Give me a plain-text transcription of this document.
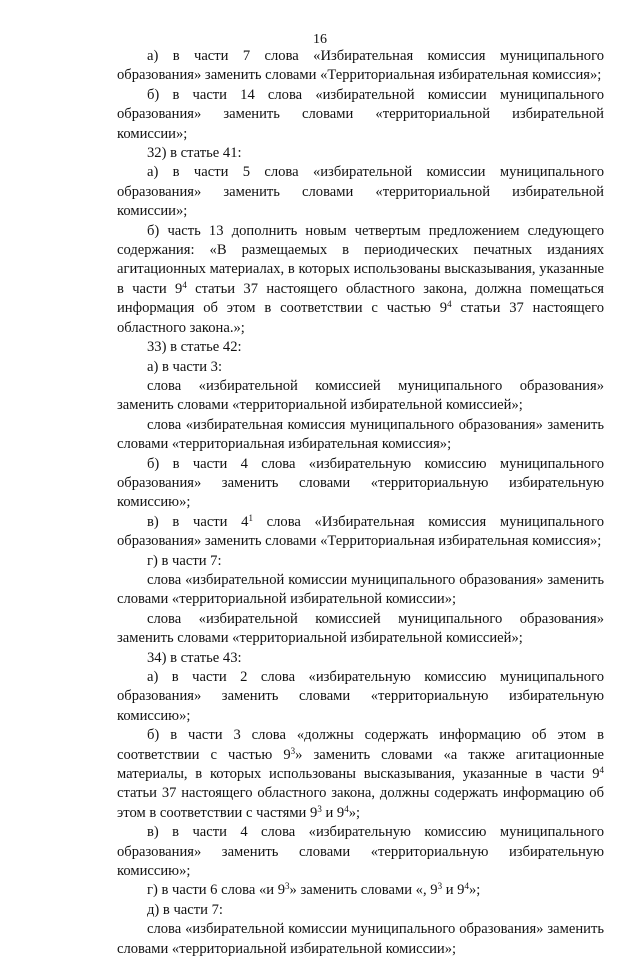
16

а) в части 7 слова «Избирательная комиссия муниципального образования» заменить словами «Территориальная избирательная комиссия»;

б) в части 14 слова «избирательной комиссии муниципального образования» заменить словами «территориальной избирательной комиссии»;

32) в статье 41:

а) в части 5 слова «избирательной комиссии муниципального образования» заменить словами «территориальной избирательной комиссии»;

б) часть 13 дополнить новым четвертым предложением следующего содержания: «В размещаемых в периодических печатных изданиях агитационных материалах, в которых использованы высказывания, указанные в части $9^4$ статьи 37 настоящего областного закона, должна помещаться информация об этом в соответствии с частью $9^4$ статьи 37 настоящего областного закона.»;

33) в статье 42:

а) в части 3:

слова «избирательной комиссией муниципального образования» заменить словами «территориальной избирательной комиссией»;

слова «избирательная комиссия муниципального образования» заменить словами «территориальная избирательная комиссия»;

б) в части 4 слова «избирательную комиссию муниципального образования» заменить словами «территориальную избирательную комиссию»;

в) в части $4^1$ слова «Избирательная комиссия муниципального образования» заменить словами «Территориальная избирательная комиссия»;

г) в части 7:

слова «избирательной комиссии муниципального образования» заменить словами «территориальной избирательной комиссии»;

слова «избирательной комиссией муниципального образования» заменить словами «территориальной избирательной комиссией»;

34) в статье 43:

а) в части 2 слова «избирательную комиссию муниципального образования» заменить словами «территориальную избирательную комиссию»;

б) в части 3 слова «должны содержать информацию об этом в соответствии с частью $9^3$» заменить словами «а также агитационные материалы, в которых использованы высказывания, указанные в части $9^4$ статьи 37 настоящего областного закона, должны содержать информацию об этом в соответствии с частями $9^3$ и $9^4$»;

в) в части 4 слова «избирательную комиссию муниципального образования» заменить словами «территориальную избирательную комиссию»;

г) в части 6 слова «и $9^3$» заменить словами «, $9^3$ и $9^4$»;

д) в части 7:

слова «избирательной комиссии муниципального образования» заменить словами «территориальной избирательной комиссии»;
